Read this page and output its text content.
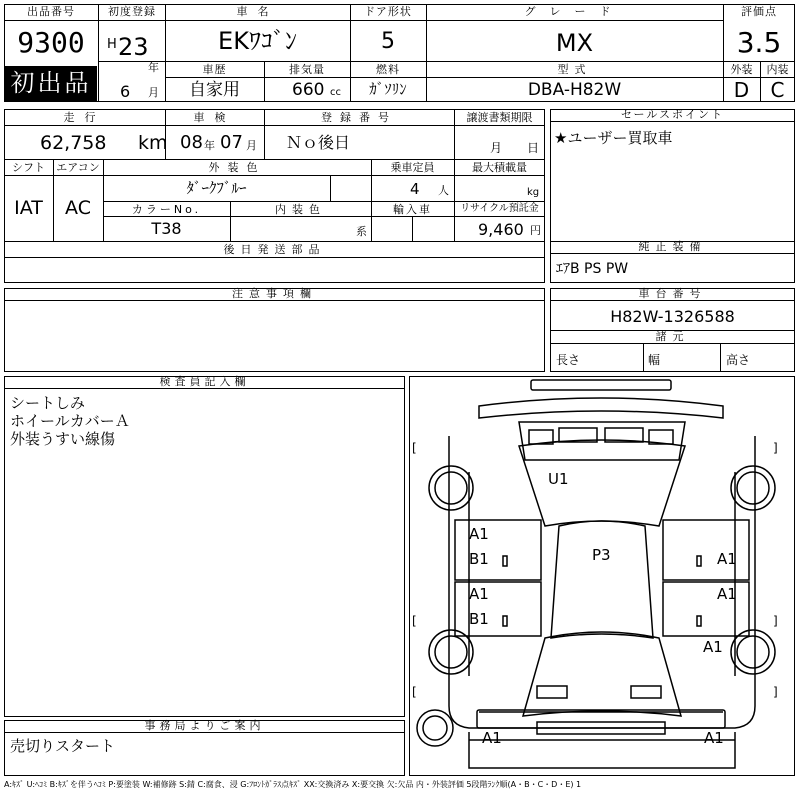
出品番号
9300
初出品
初度登録
H 23
年
6 月
車名
EKﾜｺﾞﾝ
ドア形状
5
グレード
MX
評価点
3.5
車歴
自家用
排気量
660 cc
燃料
ｶﾞｿﾘﾝ
型式
DBA-H82W
外装	内装
D	C
走行
62,758 km
車検
08 年 07 月
登録番号
Ｎｏ後日
譲渡書類期限
月 日
シフト
IAT
エアコン
AC
外装色
ﾀﾞｰｸﾌﾞﾙｰ
乗車定員
4 人
最大積載量
kg
カラーNo.
T38
内装色
系
輸入車	リサイクル預託金
9,460 円
後日発送部品
セールスポイント
★ユーザー買取車
純正装備
ｴｱB PS PW
注意事項欄	車台番号
H82W-1326588
諸元
長さ	幅	高さ
検査員記入欄
シートしみ
ホイールカバーＡ
外装うすい線傷
事務局よりご案内
売切りスタート
[	]
[	]
[	]
U1
A1
B1
A1
B1
P3	A1
A1
A1
A1	A1
A:ｷｽﾞ U:ﾍｺﾐ B:ｷｽﾞを伴うﾍｺﾐ P:要塗装 W:補修跡 S:錆 C:腐食、浸 G:ﾌﾛﾝﾄｶﾞﾗｽ点ｷｽﾞ XX:交換済み X:要交換 欠:欠品 内・外装評価 5段階ﾗﾝｸ順(A・B・C・D・E) 1
